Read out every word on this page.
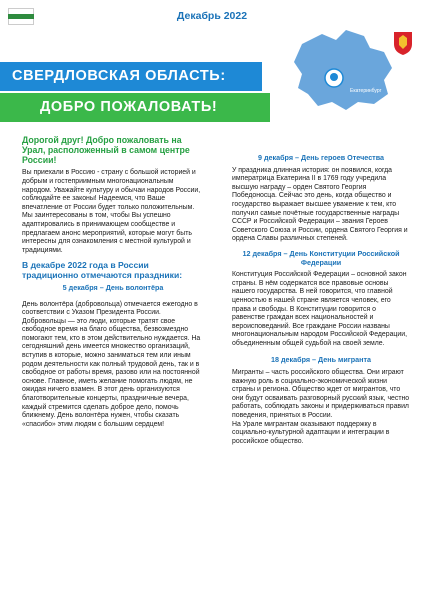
Декабрь 2022
Екатеринбург
СВЕРДЛОВСКАЯ ОБЛАСТЬ:
ДОБРО ПОЖАЛОВАТЬ!

Дорогой друг! Добро пожаловать на Урал, расположенный в самом центре России!

Вы приехали в Россию - страну с большой историей и добрым и гостеприимным многонациональным народом. Уважайте культуру и обычаи народов России, соблюдайте ее законы! Надеемся, что Ваше впечатление от России будет только положительным.

Мы заинтересованы в том, чтобы Вы успешно адаптировались в принимающем сообществе и предлагаем анонс мероприятий, которые могут быть интересны для ознакомления с местной культурой и традициями.

В декабре 2022 года в России традиционно отмечаются праздники:

5 декабря – День волонтёра

День волонтёра (добровольца) отмечается ежегодно в соответствии с Указом Президента России. Добровольцы — это люди, которые тратят свое свободное время на благо общества, безвозмездно помогают тем, кто в этом действительно нуждается. На сегодняшний день имеется множество организаций, вступив в которые, можно заниматься тем или иным родом деятельности как полный трудовой день, так и в свободное от работы время, разово или на постоянной основе. Главное, иметь желание помогать людям, не ожидая ничего взамен. В этот день организуются благотворительные концерты, праздничные вечера, каждый стремится сделать доброе дело, помочь ближнему. День волонтёра нужен, чтобы сказать «спасибо» этим людям с большим сердцем!

9 декабря – День героев Отечества

У праздника длинная история: он появился, когда императрица Екатерина II в 1769 году учредила высшую награду – орден Святого Георгия Победоносца. Сейчас это день, когда общество и государство выражает высшее уважение к тем, кто получил самые почётные государственные награды СССР и Российской Федерации – звания Героев Советского Союза и России, ордена Святого Георгия и ордена Славы различных степеней.

12 декабря – День Конституции Российской Федерации

Конституция Российской Федерации – основной закон страны. В нём содержатся все правовые основы нашего государства. В ней говорится, что главной ценностью в нашей стране является человек, его права и свободы. В Конституции говорится о равенстве граждан всех национальностей и вероисповеданий. Все граждане России названы многонациональным народом Российской Федерации, объединенным общей судьбой на своей земле.

18 декабря – День мигранта

Мигранты – часть российского общества. Они играют важную роль в социально-экономической жизни страны и региона. Общество ждет от мигрантов, что они будут осваивать разговорный русский язык, честно работать, соблюдать законы и придерживаться правил поведения, принятых в России.

На Урале мигрантам оказывают поддержку в социально-культурной адаптации и интеграции в российское общество.
